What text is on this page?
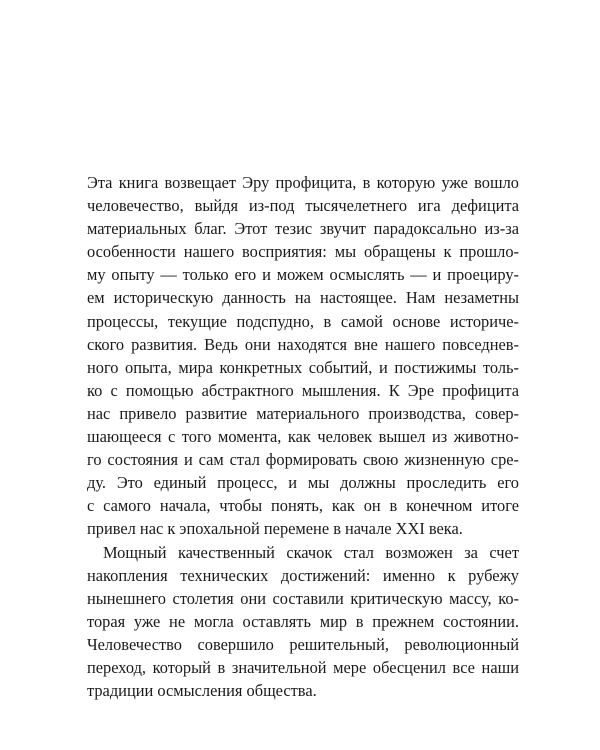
Эта книга возвещает Эру профицита, в которую уже вошло
человечество, выйдя из-под тысячелетнего ига дефицита
материальных благ. Этот тезис звучит парадоксально из-за
особенности нашего восприятия: мы обращены к прошло-
му опыту — только его и можем осмыслять — и проециру-
ем историческую данность на настоящее. Нам незаметны
процессы, текущие подспудно, в самой основе историче-
ского развития. Ведь они находятся вне нашего повседнев-
ного опыта, мира конкретных событий, и постижимы толь-
ко с помощью абстрактного мышления. К Эре профицита
нас привело развитие материального производства, совер-
шающееся с того момента, как человек вышел из животно-
го состояния и сам стал формировать свою жизненную сре-
ду. Это единый процесс, и мы должны проследить его
с самого начала, чтобы понять, как он в конечном итоге
привел нас к эпохальной перемене в начале XXI века.
Мощный качественный скачок стал возможен за счет
накопления технических достижений: именно к рубежу
нынешнего столетия они составили критическую массу, ко-
торая уже не могла оставлять мир в прежнем состоянии.
Человечество совершило решительный, революционный
переход, который в значительной мере обесценил все наши
традиции осмысления общества.
